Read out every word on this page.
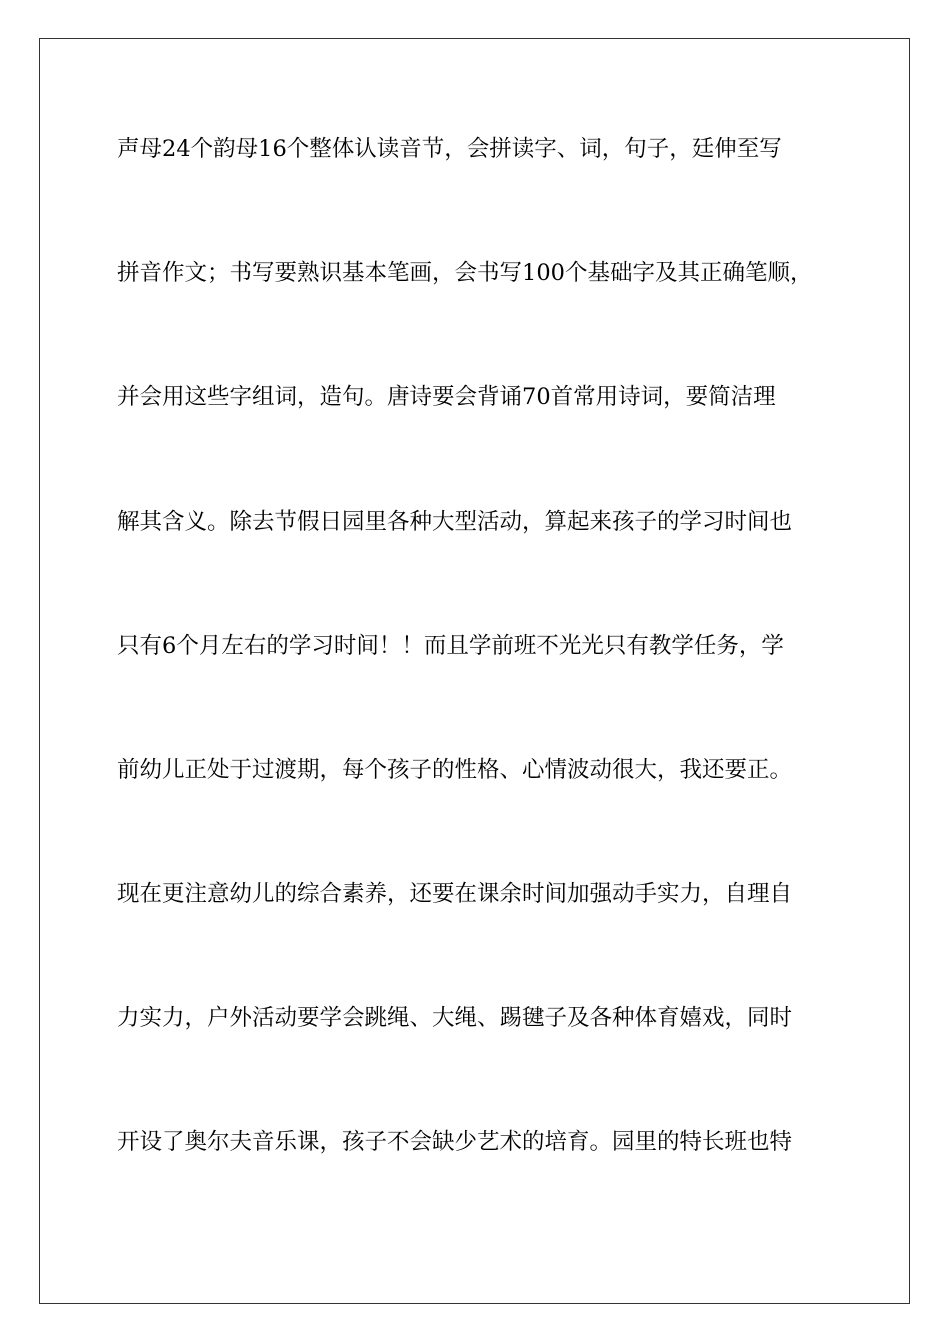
声母24个韵母16个整体认读音节，会拼读字、词，句子，廷伸至写
拼音作文；书写要熟识基本笔画，会书写100个基础字及其正确笔顺，
并会用这些字组词，造句。唐诗要会背诵70首常用诗词，要简洁理
解其含义。除去节假日园里各种大型活动，算起来孩子的学习时间也
只有6个月左右的学习时间！！而且学前班不光光只有教学任务，学
前幼儿正处于过渡期，每个孩子的性格、心情波动很大，我还要正。
现在更注意幼儿的综合素养，还要在课余时间加强动手实力，自理自
力实力，户外活动要学会跳绳、大绳、踢毽子及各种体育嬉戏，同时
开设了奥尔夫音乐课，孩子不会缺少艺术的培育。园里的特长班也特
